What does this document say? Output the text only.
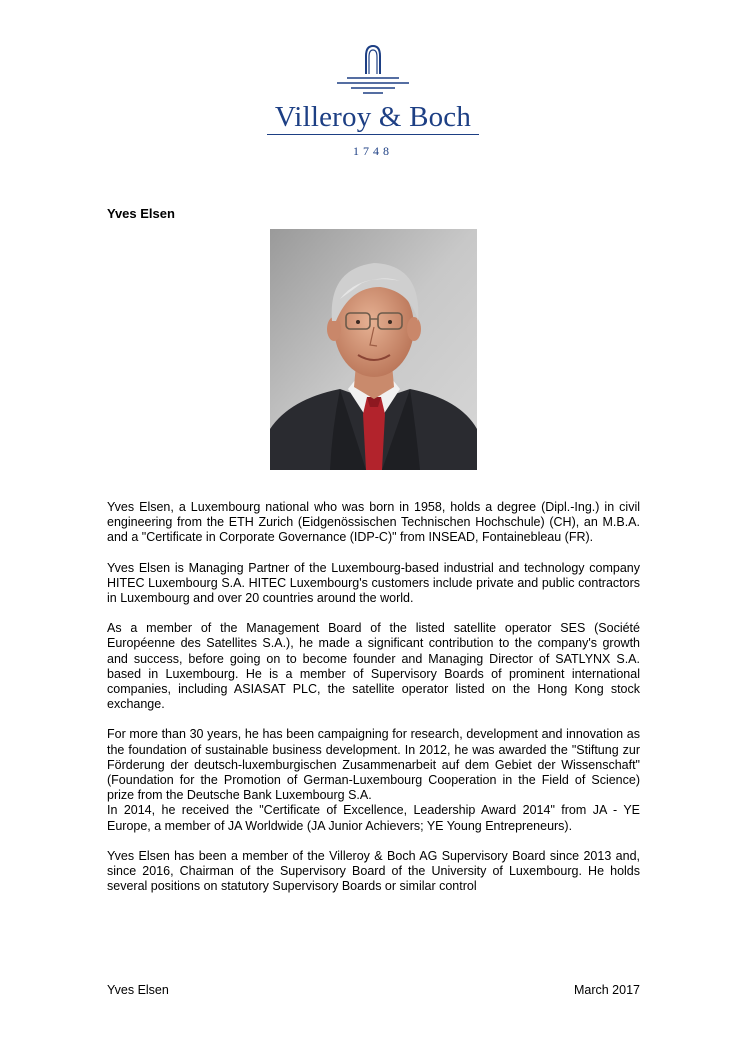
Villeroy & Boch
1748
Yves Elsen

Yves Elsen, a Luxembourg national who was born in 1958, holds a degree (Dipl.-Ing.) in civil engineering from the ETH Zurich (Eidgenössischen Technischen Hochschule) (CH), an M.B.A. and a "Certificate in Corporate Governance (IDP-C)" from INSEAD, Fontainebleau (FR).

Yves Elsen is Managing Partner of the Luxembourg-based industrial and technology company HITEC Luxembourg S.A. HITEC Luxembourg's customers include private and public contractors in Luxembourg and over 20 countries around the world.

As a member of the Management Board of the listed satellite operator SES (Société Européenne des Satellites S.A.), he made a significant contribution to the company's growth and success, before going on to become founder and Managing Director of SATLYNX S.A. based in Luxembourg. He is a member of Supervisory Boards of prominent international companies, including ASIASAT PLC, the satellite operator listed on the Hong Kong stock exchange.

For more than 30 years, he has been campaigning for research, development and innovation as the foundation of sustainable business development. In 2012, he was awarded the "Stiftung zur Förderung der deutsch-luxemburgischen Zusammenarbeit auf dem Gebiet der Wissenschaft" (Foundation for the Promotion of German-Luxembourg Cooperation in the Field of Science) prize from the Deutsche Bank Luxembourg S.A.

In 2014, he received the "Certificate of Excellence, Leadership Award 2014" from JA - YE Europe, a member of JA Worldwide (JA Junior Achievers; YE Young Entrepreneurs).

Yves Elsen has been a member of the Villeroy & Boch AG Supervisory Board since 2013 and, since 2016, Chairman of the Supervisory Board of the University of Luxembourg. He holds several positions on statutory Supervisory Boards or similar control

Yves Elsen	March 2017
